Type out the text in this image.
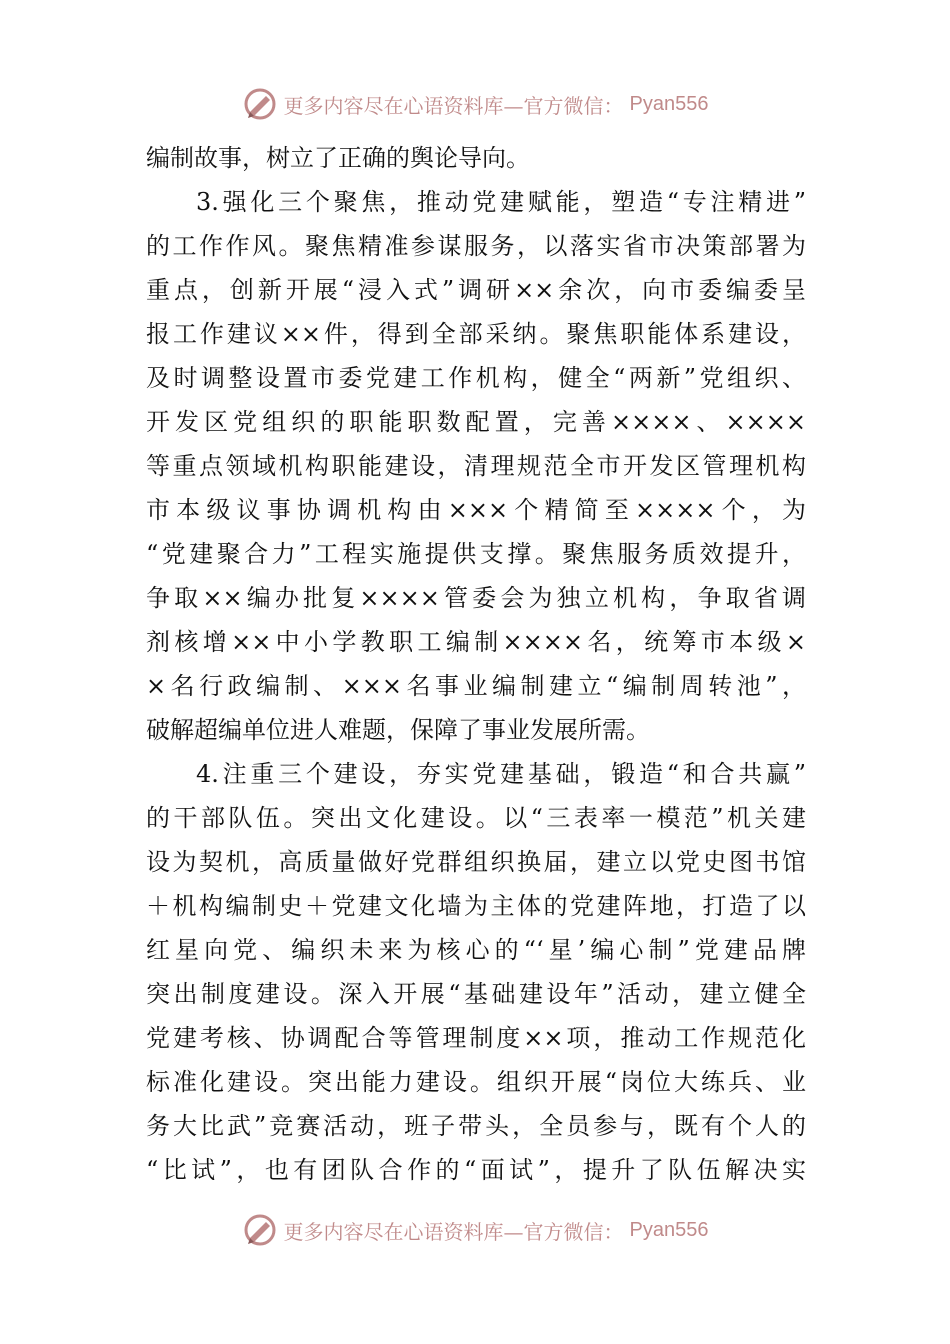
更多内容尽在心语资料库—官方微信： Pyan556
编制故事，树立了正确的舆论导向。
3.强化三个聚焦，推动党建赋能，塑造“专注精进”
的工作作风。聚焦精准参谋服务，以落实省市决策部署为
重点，创新开展“浸入式”调研××余次，向市委编委呈
报工作建议××件，得到全部采纳。聚焦职能体系建设，
及时调整设置市委党建工作机构，健全“两新”党组织、
开发区党组织的职能职数配置，完善××××、××××
等重点领域机构职能建设，清理规范全市开发区管理机构
市本级议事协调机构由×××个精简至××××个，为
“党建聚合力”工程实施提供支撑。聚焦服务质效提升，
争取××编办批复××××管委会为独立机构，争取省调
剂核增××中小学教职工编制××××名，统筹市本级×
×名行政编制、×××名事业编制建立“编制周转池”，
破解超编单位进人难题，保障了事业发展所需。
4.注重三个建设，夯实党建基础，锻造“和合共赢”
的干部队伍。突出文化建设。以“三表率一模范”机关建
设为契机，高质量做好党群组织换届，建立以党史图书馆
＋机构编制史＋党建文化墙为主体的党建阵地，打造了以
红星向党、编织未来为核心的“‘星’编心制”党建品牌
突出制度建设。深入开展“基础建设年”活动，建立健全
党建考核、协调配合等管理制度××项，推动工作规范化
标准化建设。突出能力建设。组织开展“岗位大练兵、业
务大比武”竞赛活动，班子带头，全员参与，既有个人的
“比试”，也有团队合作的“面试”，提升了队伍解决实
更多内容尽在心语资料库—官方微信： Pyan556
